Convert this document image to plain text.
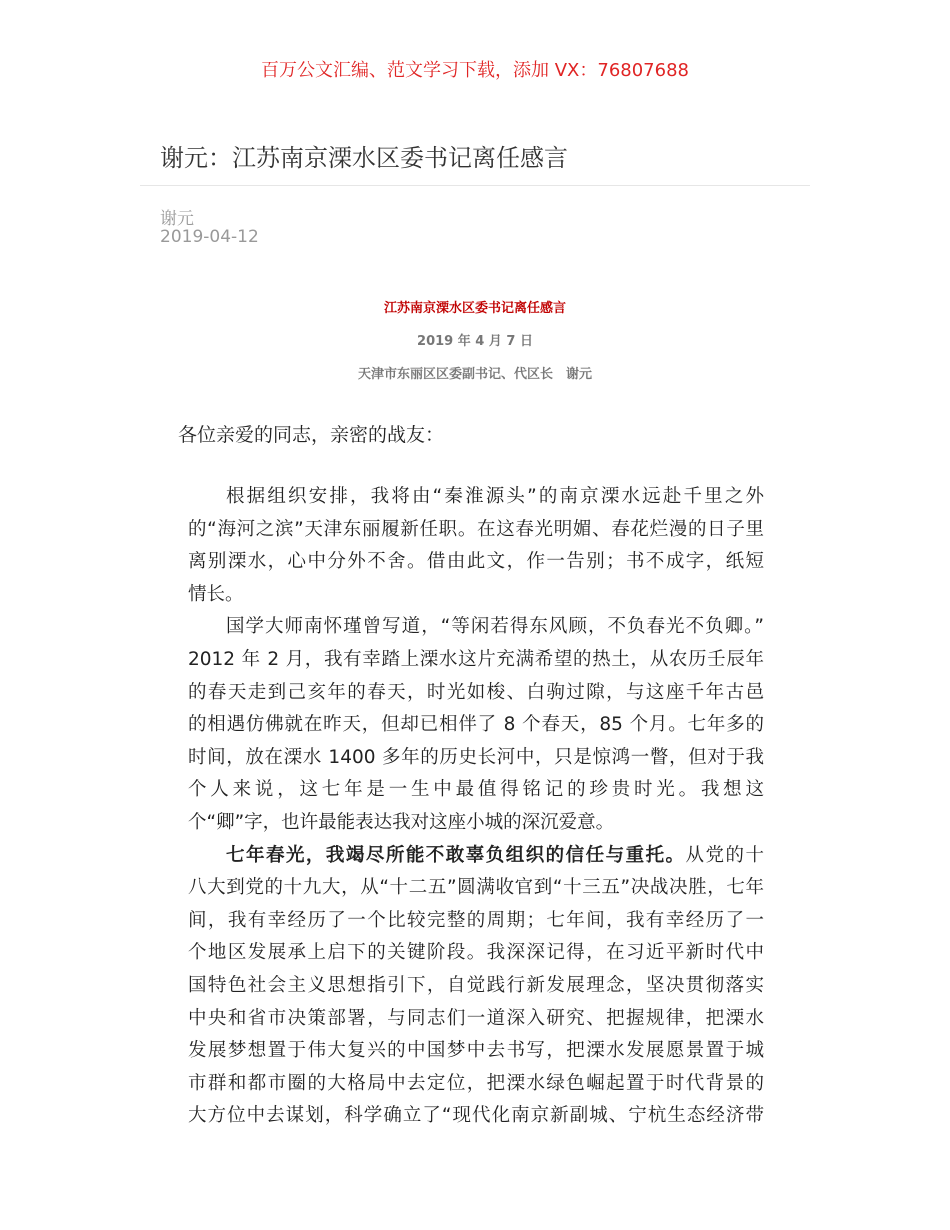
百万公文汇编、范文学习下载，添加 VX：76807688
谢元：江苏南京溧水区委书记离任感言
谢元
2019-04-12
江苏南京溧水区委书记离任感言
2019 年 4 月 7 日
天津市东丽区区委副书记、代区长　谢元
各位亲爱的同志，亲密的战友：
根据组织安排，我将由“秦淮源头”的南京溧水远赴千里之外
的“海河之滨”天津东丽履新任职。在这春光明媚、春花烂漫的日子里
离别溧水，心中分外不舍。借由此文，作一告别；书不成字，纸短
情长。
国学大师南怀瑾曾写道，“等闲若得东风顾，不负春光不负卿。”
2012 年 2 月，我有幸踏上溧水这片充满希望的热土，从农历壬辰年
的春天走到己亥年的春天，时光如梭、白驹过隙，与这座千年古邑
的相遇仿佛就在昨天，但却已相伴了 8 个春天，85 个月。七年多的
时间，放在溧水 1400 多年的历史长河中，只是惊鸿一瞥，但对于我
个人来说，这七年是一生中最值得铭记的珍贵时光。我想这
个“卿”字，也许最能表达我对这座小城的深沉爱意。
七年春光，我竭尽所能不敢辜负组织的信任与重托。从党的十
八大到党的十九大，从“十二五”圆满收官到“十三五”决战决胜，七年
间，我有幸经历了一个比较完整的周期；七年间，我有幸经历了一
个地区发展承上启下的关键阶段。我深深记得，在习近平新时代中
国特色社会主义思想指引下，自觉践行新发展理念，坚决贯彻落实
中央和省市决策部署，与同志们一道深入研究、把握规律，把溧水
发展梦想置于伟大复兴的中国梦中去书写，把溧水发展愿景置于城
市群和都市圈的大格局中去定位，把溧水绿色崛起置于时代背景的
大方位中去谋划，科学确立了“现代化南京新副城、宁杭生态经济带
